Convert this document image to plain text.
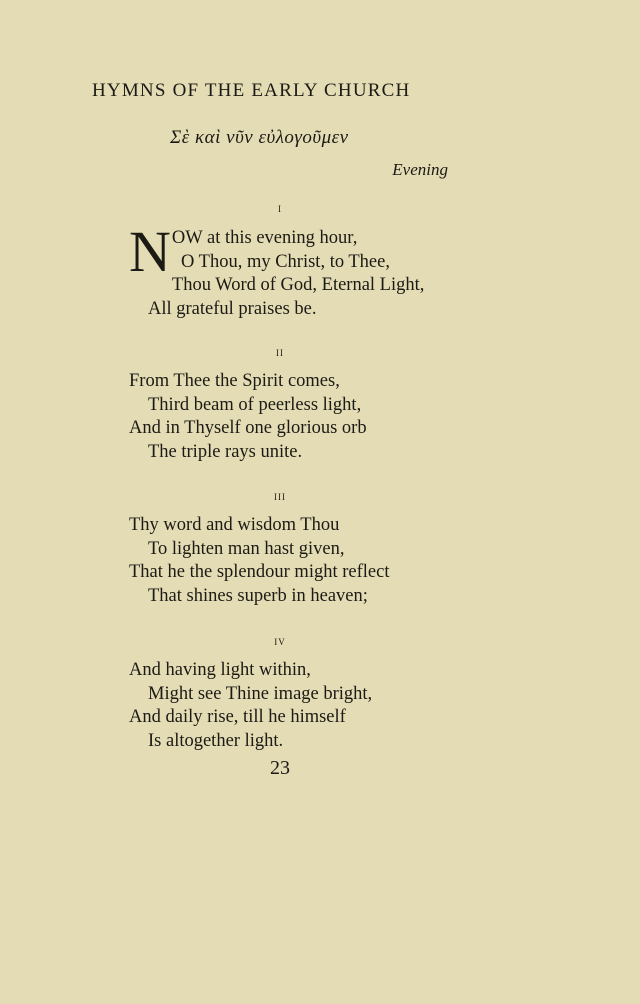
HYMNS OF THE EARLY CHURCH
Σὲ καὶ νῦν εὐλογοῦμεν
Evening
i
NOW at this evening hour,
O Thou, my Christ, to Thee,
Thou Word of God, Eternal Light,
All grateful praises be.
ii
From Thee the Spirit comes,
Third beam of peerless light,
And in Thyself one glorious orb
The triple rays unite.
iii
Thy word and wisdom Thou
To lighten man hast given,
That he the splendour might reflect
That shines superb in heaven;
iv
And having light within,
Might see Thine image bright,
And daily rise, till he himself
Is altogether light.
23
